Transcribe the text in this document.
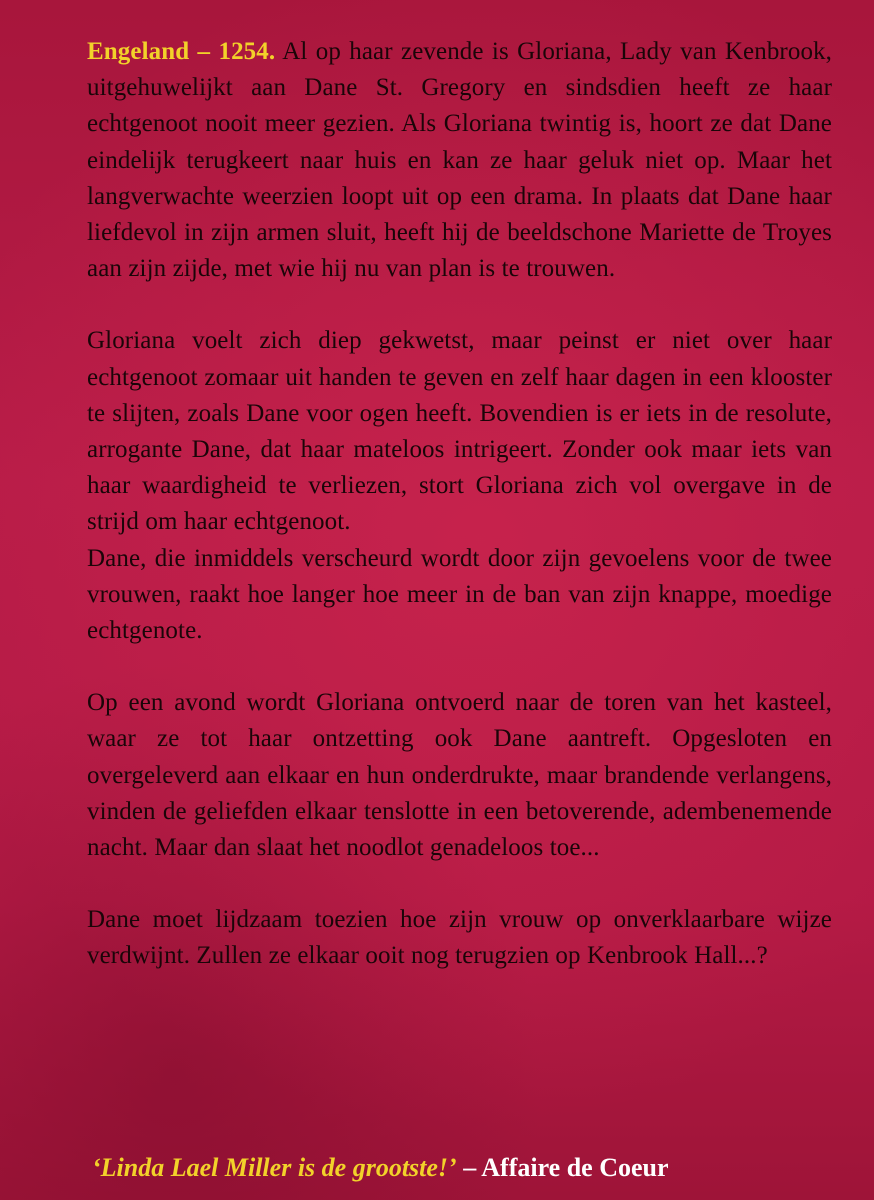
Engeland – 1254. Al op haar zevende is Gloriana, Lady van Kenbrook, uitgehuwelijkt aan Dane St. Gregory en sindsdien heeft ze haar echtgenoot nooit meer gezien. Als Gloriana twintig is, hoort ze dat Dane eindelijk terugkeert naar huis en kan ze haar geluk niet op. Maar het langverwachte weerzien loopt uit op een drama. In plaats dat Dane haar liefdevol in zijn armen sluit, heeft hij de beeldschone Mariette de Troyes aan zijn zijde, met wie hij nu van plan is te trouwen.

Gloriana voelt zich diep gekwetst, maar peinst er niet over haar echtgenoot zomaar uit handen te geven en zelf haar dagen in een klooster te slijten, zoals Dane voor ogen heeft. Bovendien is er iets in de resolute, arrogante Dane, dat haar mateloos intrigeert. Zonder ook maar iets van haar waardigheid te verliezen, stort Gloriana zich vol overgave in de strijd om haar echtgenoot.

Dane, die inmiddels verscheurd wordt door zijn gevoelens voor de twee vrouwen, raakt hoe langer hoe meer in de ban van zijn knappe, moedige echtgenote.

Op een avond wordt Gloriana ontvoerd naar de toren van het kasteel, waar ze tot haar ontzetting ook Dane aantreft. Opgesloten en overgeleverd aan elkaar en hun onderdrukte, maar brandende verlangens, vinden de geliefden elkaar tenslotte in een betoverende, adembenemende nacht. Maar dan slaat het noodlot genadeloos toe...

Dane moet lijdzaam toezien hoe zijn vrouw op onverklaarbare wijze verdwijnt. Zullen ze elkaar ooit nog terugzien op Kenbrook Hall...?

‘Linda Lael Miller is de grootste!’ – Affaire de Coeur
